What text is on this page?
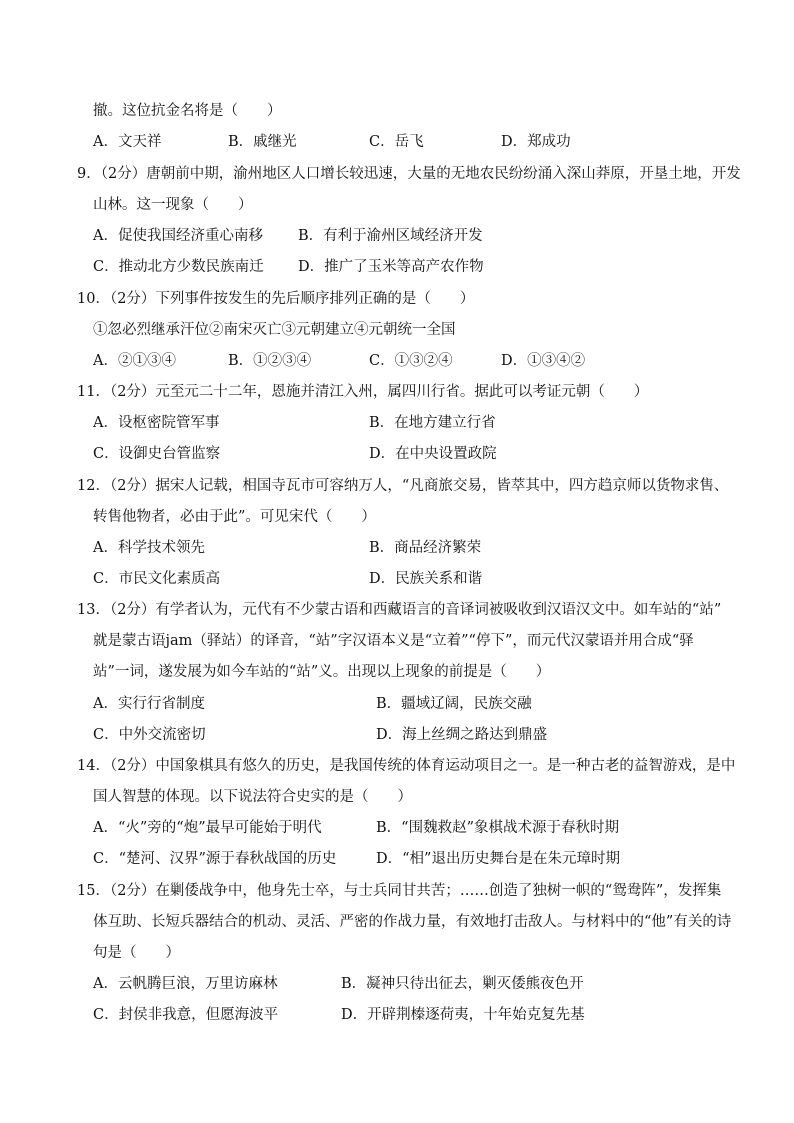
撤。这位抗金名将是（　　）
A．文天祥	B．戚继光	C．岳飞	D．郑成功
9．（2分）唐朝前中期，渝州地区人口增长较迅速，大量的无地农民纷纷涌入深山莽原，开垦土地，开发
山林。这一现象（　　）
A．促使我国经济重心南移 B．有利于渝州区域经济开发
C．推动北方少数民族南迁 D．推广了玉米等高产农作物
10．（2分）下列事件按发生的先后顺序排列正确的是（　　）
①忽必烈继承汗位②南宋灭亡③元朝建立④元朝统一全国
A．②①③④	B．①②③④	C．①③②④	D．①③④②
11．（2分）元至元二十二年，恩施并清江入州，属四川行省。据此可以考证元朝（　　）
A．设枢密院管军事	B．在地方建立行省
C．设御史台管监察	D．在中央设置政院
12．（2分）据宋人记载，相国寺瓦市可容纳万人，“凡商旅交易，皆萃其中，四方趋京师以货物求售、
转售他物者，必由于此”。可见宋代（　　）
A．科学技术领先	B．商品经济繁荣
C．市民文化素质高	D．民族关系和谐
13．（2分）有学者认为，元代有不少蒙古语和西藏语言的音译词被吸收到汉语汉文中。如车站的“站”
就是蒙古语jam（驿站）的译音，“站”字汉语本义是“立着”“停下”，而元代汉蒙语并用合成“驿
站”一词，遂发展为如今车站的“站”义。出现以上现象的前提是（　　）
A．实行行省制度	B．疆域辽阔，民族交融
C．中外交流密切	D．海上丝绸之路达到鼎盛
14．（2分）中国象棋具有悠久的历史，是我国传统的体育运动项目之一。是一种古老的益智游戏，是中
国人智慧的体现。以下说法符合史实的是（　　）
A．“火”旁的“炮”最早可能始于明代	B．“围魏救赵”象棋战术源于春秋时期
C．“楚河、汉界”源于春秋战国的历史	D．“相”退出历史舞台是在朱元璋时期
15．（2分）在剿倭战争中，他身先士卒，与士兵同甘共苦；……创造了独树一帜的“鸳鸯阵”，发挥集
体互助、长短兵器结合的机动、灵活、严密的作战力量，有效地打击敌人。与材料中的“他”有关的诗
句是（　　）
A．云帆腾巨浪，万里访麻林	B．凝神只待出征去，剿灭倭熊夜色开
C．封侯非我意，但愿海波平	D．开辟荆榛逐荷夷，十年始克复先基
